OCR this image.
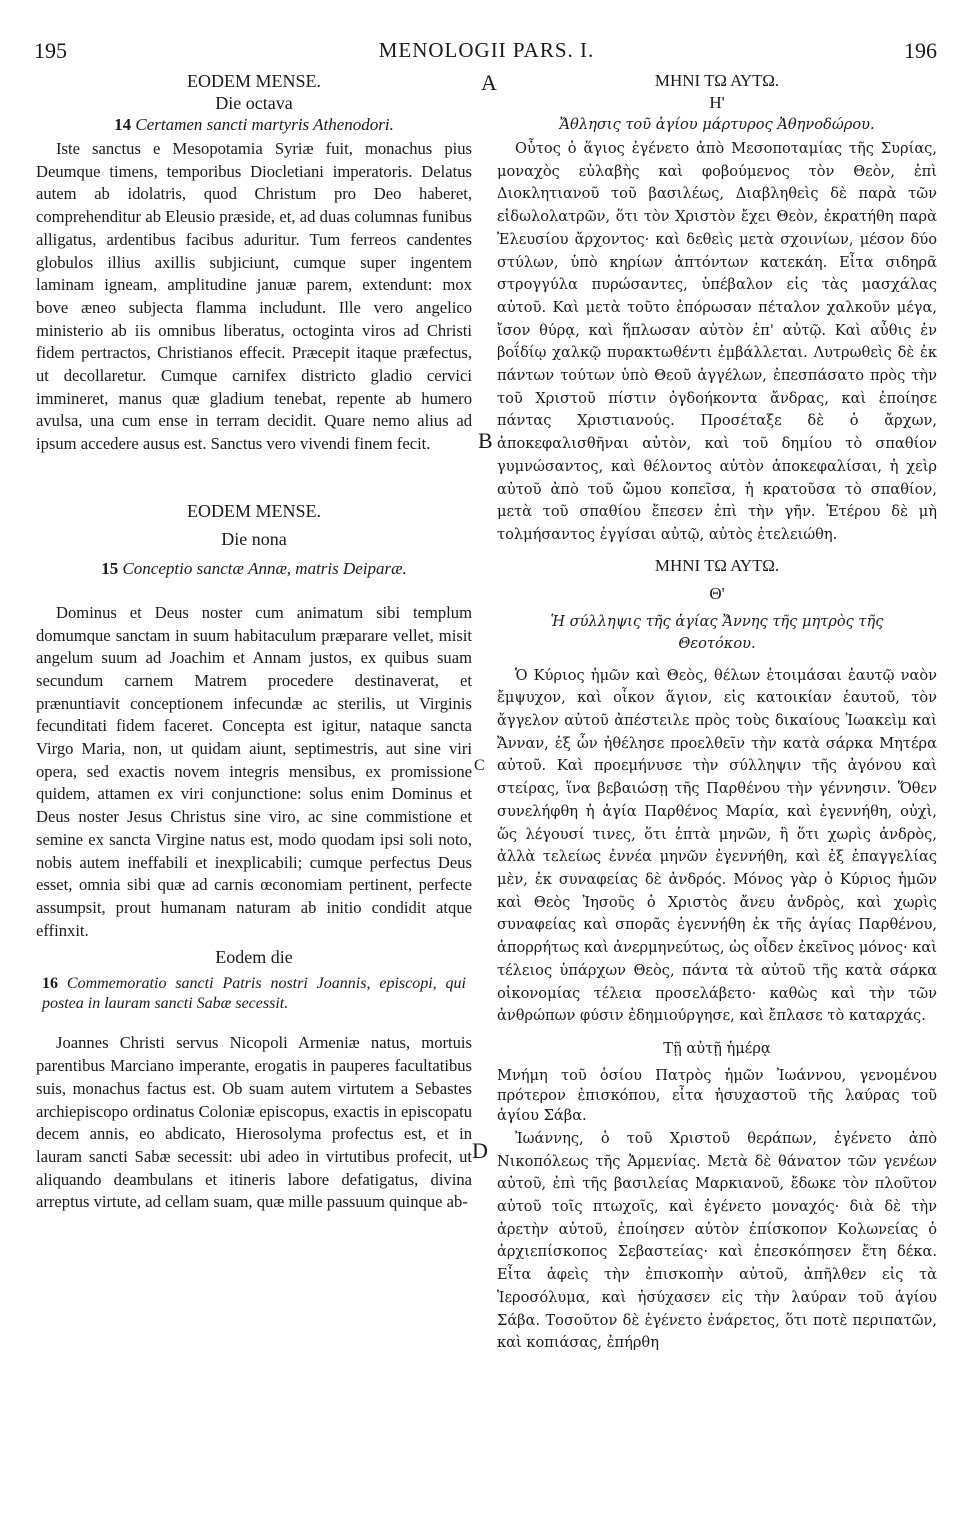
195	MENOLOGII PARS. I.	196
A
B
C
D
EODEM MENSE.
Die octava
14 Certamen sancti martyris Athenodori.

Iste sanctus e Mesopotamia Syriæ fuit, monachus pius Deumque timens, temporibus Diocletiani imperatoris. Delatus autem ab idolatris, quod Christum pro Deo haberet, comprehenditur ab Eleusio præside, et, ad duas columnas funibus alligatus, ardentibus facibus aduritur. Tum ferreos candentes globulos illius axillis subjiciunt, cumque super ingentem laminam igneam, amplitudine januæ parem, extendunt: mox bove æneo subjecta flamma includunt. Ille vero angelico ministerio ab iis omnibus liberatus, octoginta viros ad Christi fidem pertractos, Christianos effecit. Præcepit itaque præfectus, ut decollaretur. Cumque carnifex districto gladio cervici immineret, manus quæ gladium tenebat, repente ab humero avulsa, una cum ense in terram decidit. Quare nemo alius ad ipsum accedere ausus est. Sanctus vero vivendi finem fecit.

EODEM MENSE.
Die nona
15 Conceptio sanctæ Annæ, matris Deiparæ.

Dominus et Deus noster cum animatum sibi templum domumque sanctam in suum habitaculum præparare vellet, misit angelum suum ad Joachim et Annam justos, ex quibus suam secundum carnem Matrem procedere destinaverat, et prænuntiavit conceptionem infecundæ ac sterilis, ut Virginis fecunditati fidem faceret. Concepta est igitur, nataque sancta Virgo Maria, non, ut quidam aiunt, septimestris, aut sine viri opera, sed exactis novem integris mensibus, ex promissione quidem, attamen ex viri conjunctione: solus enim Dominus et Deus noster Jesus Christus sine viro, ac sine commistione et semine ex sancta Virgine natus est, modo quodam ipsi soli noto, nobis autem ineffabili et inexplicabili; cumque perfectus Deus esset, omnia sibi quæ ad carnis œconomiam pertinent, perfecte assumpsit, prout humanam naturam ab initio condidit atque effinxit.

Eodem die
16 Commemoratio sancti Patris nostri Joannis, episcopi, qui postea in lauram sancti Sabæ secessit.

Joannes Christi servus Nicopoli Armeniæ natus, mortuis parentibus Marciano imperante, erogatis in pauperes facultatibus suis, monachus factus est. Ob suam autem virtutem a Sebastes archiepiscopo ordinatus Coloniæ episcopus, exactis in episcopatu decem annis, eo abdicato, Hierosolyma profectus est, et in lauram sancti Sabæ secessit: ubi adeo in virtutibus profecit, ut aliquando deambulans et itineris labore defatigatus, divina arreptus virtute, ad cellam suam, quæ mille passuum quinque ab-

ΜΗΝΙ ΤΩ ΑΥΤΩ.
Η'
Ἄθλησις τοῦ ἁγίου μάρτυρος Ἀθηνοδώρου.

Οὗτος ὁ ἅγιος ἐγένετο ἀπὸ Μεσοποταμίας τῆς Συρίας, μοναχὸς εὐλαβὴς καὶ φοβούμενος τὸν Θεὸν, ἐπὶ Διοκλητιανοῦ τοῦ βασιλέως, Διαβληθεὶς δὲ παρὰ τῶν εἰδωλολατρῶν, ὅτι τὸν Χριστὸν ἔχει Θεὸν, ἐκρατήθη παρὰ Ἐλευσίου ἄρχοντος· καὶ δεθεὶς μετὰ σχοινίων, μέσον δύο στύλων, ὑπὸ κηρίων ἁπτόντων κατεκάη. Εἶτα σιδηρᾶ στρογγύλα πυρώσαντες, ὑπέβαλον εἰς τὰς μασχάλας αὐτοῦ. Καὶ μετὰ τοῦτο ἐπόρωσαν πέταλον χαλκοῦν μέγα, ἴσον θύρᾳ, καὶ ἥπλωσαν αὐτὸν ἐπ' αὐτῷ. Καὶ αὖθις ἐν βοΐδίῳ χαλκῷ πυρακτωθέντι ἐμβάλλεται. Λυτρωθεὶς δὲ ἐκ πάντων τούτων ὑπὸ Θεοῦ ἀγγέλων, ἐπεσπάσατο πρὸς τὴν τοῦ Χριστοῦ πίστιν ὀγδοήκοντα ἄνδρας, καὶ ἐποίησε πάντας Χριστιανούς. Προσέταξε δὲ ὁ ἄρχων, ἀποκεφαλισθῆναι αὐτὸν, καὶ τοῦ δημίου τὸ σπαθίον γυμνώσαντος, καὶ θέλοντος αὐτὸν ἀποκεφαλίσαι, ἡ χεὶρ αὐτοῦ ἀπὸ τοῦ ὤμου κοπεῖσα, ἡ κρατοῦσα τὸ σπαθίον, μετὰ τοῦ σπαθίου ἔπεσεν ἐπὶ τὴν γῆν. Ἑτέρου δὲ μὴ τολμήσαντος ἐγγίσαι αὐτῷ, αὐτὸς ἐτελειώθη.

ΜΗΝΙ ΤΩ ΑΥΤΩ.
Θ'
Ἡ σύλληψις τῆς ἁγίας Ἄννης τῆς μητρὸς τῆς Θεοτόκου.

Ὁ Κύριος ἡμῶν καὶ Θεὸς, θέλων ἑτοιμάσαι ἑαυτῷ ναὸν ἔμψυχον, καὶ οἶκον ἅγιον, εἰς κατοικίαν ἑαυτοῦ, τὸν ἄγγελον αὐτοῦ ἀπέστειλε πρὸς τοὺς δικαίους Ἰωακεὶμ καὶ Ἄνναν, ἐξ ὧν ἠθέλησε προελθεῖν τὴν κατὰ σάρκα Μητέρα αὐτοῦ. Καὶ προεμήνυσε τὴν σύλληψιν τῆς ἀγόνου καὶ στείρας, ἵνα βεβαιώσῃ τῆς Παρθένου τὴν γέννησιν. Ὅθεν συνελήφθη ἡ ἁγία Παρθένος Μαρία, καὶ ἐγεννήθη, οὐχὶ, ὥς λέγουσί τινες, ὅτι ἑπτὰ μηνῶν, ἢ ὅτι χωρὶς ἀνδρὸς, ἀλλὰ τελείως ἐννέα μηνῶν ἐγεννήθη, καὶ ἐξ ἐπαγγελίας μὲν, ἐκ συναφείας δὲ ἀνδρός. Μόνος γὰρ ὁ Κύριος ἡμῶν καὶ Θεὸς Ἰησοῦς ὁ Χριστὸς ἄνευ ἀνδρὸς, καὶ χωρὶς συναφείας καὶ σπορᾶς ἐγεννήθη ἐκ τῆς ἁγίας Παρθένου, ἀπορρήτως καὶ ἀνερμηνεύτως, ὡς οἶδεν ἐκεῖνος μόνος· καὶ τέλειος ὑπάρχων Θεὸς, πάντα τὰ αὐτοῦ τῆς κατὰ σάρκα οἰκονομίας τέλεια προσελάβετο· καθὼς καὶ τὴν τῶν ἀνθρώπων φύσιν ἐδημιούργησε, καὶ ἔπλασε τὸ καταρχάς.

Τῇ αὐτῇ ἡμέρᾳ
Μνήμη τοῦ ὁσίου Πατρὸς ἡμῶν Ἰωάννου, γενομένου πρότερον ἐπισκόπου, εἶτα ἡσυχαστοῦ τῆς λαύρας τοῦ ἁγίου Σάβα.

Ἰωάννης, ὁ τοῦ Χριστοῦ θεράπων, ἐγένετο ἀπὸ Νικοπόλεως τῆς Ἀρμενίας. Μετὰ δὲ θάνατον τῶν γενέων αὐτοῦ, ἐπὶ τῆς βασιλείας Μαρκιανοῦ, ἔδωκε τὸν πλοῦτον αὐτοῦ τοῖς πτωχοῖς, καὶ ἐγένετο μοναχός· διὰ δὲ τὴν ἀρετὴν αὐτοῦ, ἐποίησεν αὐτὸν ἐπίσκοπον Κολωνείας ὁ ἀρχιεπίσκοπος Σεβαστείας· καὶ ἐπεσκόπησεν ἔτη δέκα. Εἶτα ἀφεὶς τὴν ἐπισκοπὴν αὐτοῦ, ἀπῆλθεν εἰς τὰ Ἱεροσόλυμα, καὶ ἡσύχασεν εἰς τὴν λαύραν τοῦ ἁγίου Σάβα. Τοσοῦτον δὲ ἐγένετο ἐνάρετος, ὅτι ποτὲ περιπατῶν, καὶ κοπιάσας, ἐπήρθη
